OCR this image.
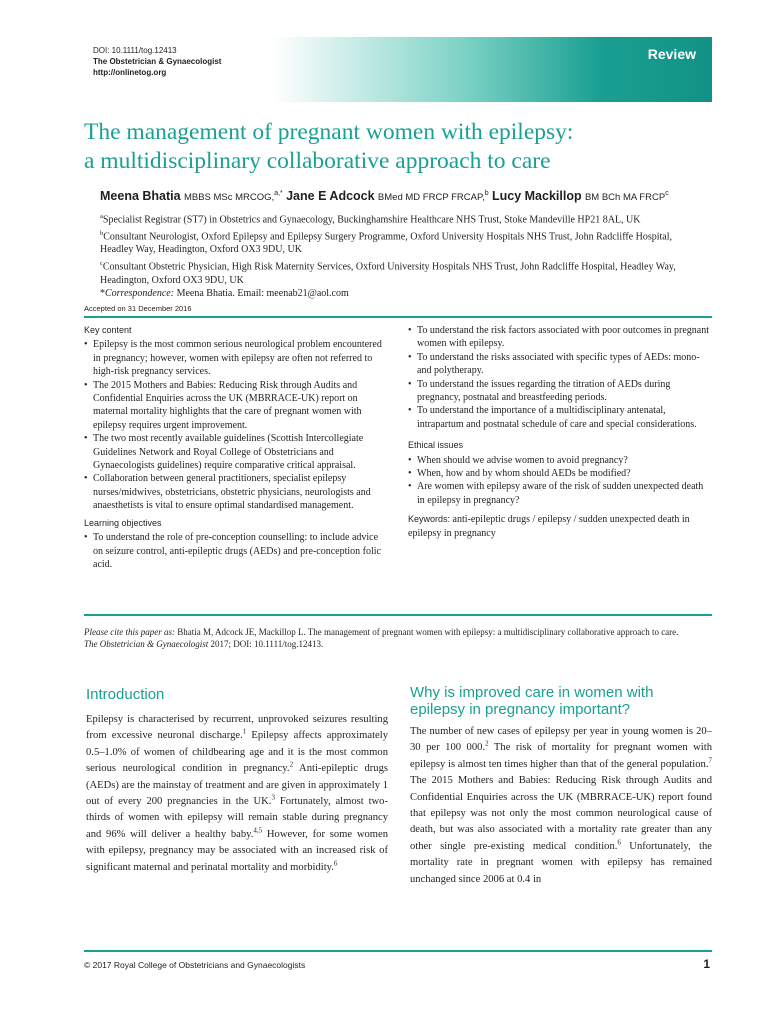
DOI: 10.1111/tog.12413
The Obstetrician & Gynaecologist
http://onlinetog.org
Review
The management of pregnant women with epilepsy:
a multidisciplinary collaborative approach to care
Meena Bhatia MBBS MSc MRCOG,$^{a,*}$ Jane E Adcock BMed MD FRCP FRCAP,$^b$ Lucy Mackillop BM BCh MA FRCP$^c$

$^a$Specialist Registrar (ST7) in Obstetrics and Gynaecology, Buckinghamshire Healthcare NHS Trust, Stoke Mandeville HP21 8AL, UK

$^b$Consultant Neurologist, Oxford Epilepsy and Epilepsy Surgery Programme, Oxford University Hospitals NHS Trust, John Radcliffe Hospital,

Headley Way, Headington, Oxford OX3 9DU, UK

$^c$Consultant Obstetric Physician, High Risk Maternity Services, Oxford University Hospitals NHS Trust, John Radcliffe Hospital, Headley Way,

Headington, Oxford OX3 9DU, UK

*Correspondence: Meena Bhatia. Email: meenab21@aol.com

Accepted on 31 December 2016
Key content
• Epilepsy is the most common serious neurological problem encountered in pregnancy; however, women with epilepsy are often not referred to high-risk pregnancy services.
• The 2015 Mothers and Babies: Reducing Risk through Audits and Confidential Enquiries across the UK (MBRRACE-UK) report on maternal mortality highlights that the care of pregnant women with epilepsy requires urgent improvement.
• The two most recently available guidelines (Scottish Intercollegiate Guidelines Network and Royal College of Obstetricians and Gynaecologists guidelines) require comparative critical appraisal.
• Collaboration between general practitioners, specialist epilepsy nurses/midwives, obstetricians, obstetric physicians, neurologists and anaesthetists is vital to ensure optimal standardised management.
Learning objectives
• To understand the role of pre-conception counselling: to include advice on seizure control, anti-epileptic drugs (AEDs) and pre-conception folic acid.
• To understand the risk factors associated with poor outcomes in pregnant women with epilepsy.
• To understand the risks associated with specific types of AEDs: mono- and polytherapy.
• To understand the issues regarding the titration of AEDs during pregnancy, postnatal and breastfeeding periods.
• To understand the importance of a multidisciplinary antenatal, intrapartum and postnatal schedule of care and special considerations.
Ethical issues
• When should we advise women to avoid pregnancy?
• When, how and by whom should AEDs be modified?
• Are women with epilepsy aware of the risk of sudden unexpected death in epilepsy in pregnancy?
Keywords: anti-epileptic drugs / epilepsy / sudden unexpected death in epilepsy in pregnancy
Please cite this paper as: Bhatia M, Adcock JE, Mackillop L. The management of pregnant women with epilepsy: a multidisciplinary collaborative approach to care.
The Obstetrician & Gynaecologist 2017; DOI: 10.1111/tog.12413.
Introduction
Epilepsy is characterised by recurrent, unprovoked seizures resulting from excessive neuronal discharge.$^1$ Epilepsy affects approximately 0.5–1.0% of women of childbearing age and it is the most common serious neurological condition in pregnancy.$^2$ Anti-epileptic drugs (AEDs) are the mainstay of treatment and are given in approximately 1 out of every 200 pregnancies in the UK.$^3$ Fortunately, almost two-thirds of women with epilepsy will remain stable during pregnancy and 96% will deliver a healthy baby.$^{4,5}$ However, for some women with epilepsy, pregnancy may be associated with an increased risk of significant maternal and perinatal mortality and morbidity.$^6$
Why is improved care in women with
epilepsy in pregnancy important?
The number of new cases of epilepsy per year in young women is 20–30 per 100 000.$^2$ The risk of mortality for pregnant women with epilepsy is almost ten times higher than that of the general population.$^7$ The 2015 Mothers and Babies: Reducing Risk through Audits and Confidential Enquiries across the UK (MBRRACE-UK) report found that epilepsy was not only the most common neurological cause of death, but was also associated with a mortality rate greater than any other single pre-existing medical condition.$^6$ Unfortunately, the mortality rate in pregnant women with epilepsy has remained unchanged since 2006 at 0.4 in
© 2017 Royal College of Obstetricians and Gynaecologists	1
